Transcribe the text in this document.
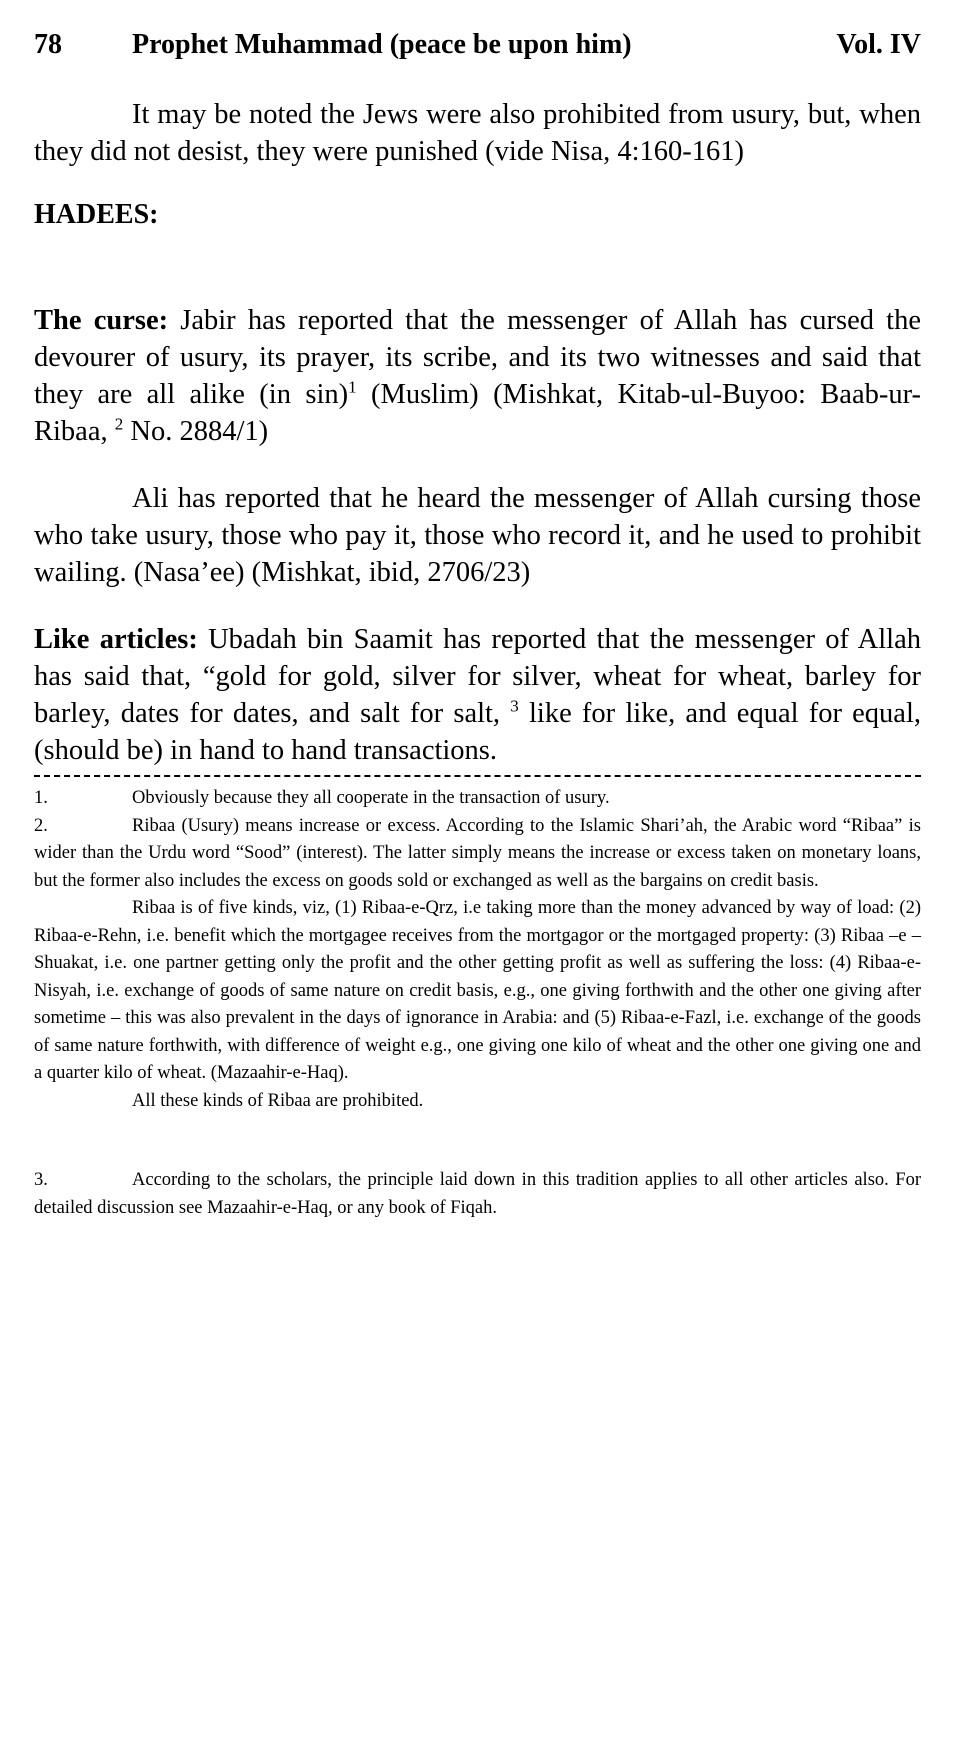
78	Prophet Muhammad (peace be upon him)	Vol. IV

It may be noted the Jews were also prohibited from usury, but, when they did not desist, they were punished (vide Nisa, 4:160-161)

HADEES:

The curse: Jabir has reported that the messenger of Allah has cursed the devourer of usury, its prayer, its scribe, and its two witnesses and said that they are all alike (in sin)$^1$ (Muslim) (Mishkat, Kitab-ul-Buyoo: Baab-ur-Ribaa, $^2$ No. 2884/1)

Ali has reported that he heard the messenger of Allah cursing those who take usury, those who pay it, those who record it, and he used to prohibit wailing. (Nasa’ee) (Mishkat, ibid, 2706/23)

Like articles: Ubadah bin Saamit has reported that the messenger of Allah has said that, “gold for gold, silver for silver, wheat for wheat, barley for barley, dates for dates, and salt for salt, $^3$ like for like, and equal for equal, (should be) in hand to hand transactions.

1.	Obviously because they all cooperate in the transaction of usury.
2.	Ribaa (Usury) means increase or excess. According to the Islamic Shari’ah, the Arabic word “Ribaa” is wider than the Urdu word “Sood” (interest). The latter simply means the increase or excess taken on monetary loans, but the former also includes the excess on goods sold or exchanged as well as the bargains on credit basis.

Ribaa is of five kinds, viz, (1) Ribaa-e-Qrz, i.e taking more than the money advanced by way of load: (2) Ribaa-e-Rehn, i.e. benefit which the mortgagee receives from the mortgagor or the mortgaged property: (3) Ribaa –e –Shuakat, i.e. one partner getting only the profit and the other getting profit as well as suffering the loss: (4) Ribaa-e-Nisyah, i.e. exchange of goods of same nature on credit basis, e.g., one giving forthwith and the other one giving after sometime – this was also prevalent in the days of ignorance in Arabia: and (5) Ribaa-e-Fazl, i.e. exchange of the goods of same nature forthwith, with difference of weight e.g., one giving one kilo of wheat and the other one giving one and a quarter kilo of wheat. (Mazaahir-e-Haq).

All these kinds of Ribaa are prohibited.

3.	According to the scholars, the principle laid down in this tradition applies to all other articles also. For detailed discussion see Mazaahir-e-Haq, or any book of Fiqah.
